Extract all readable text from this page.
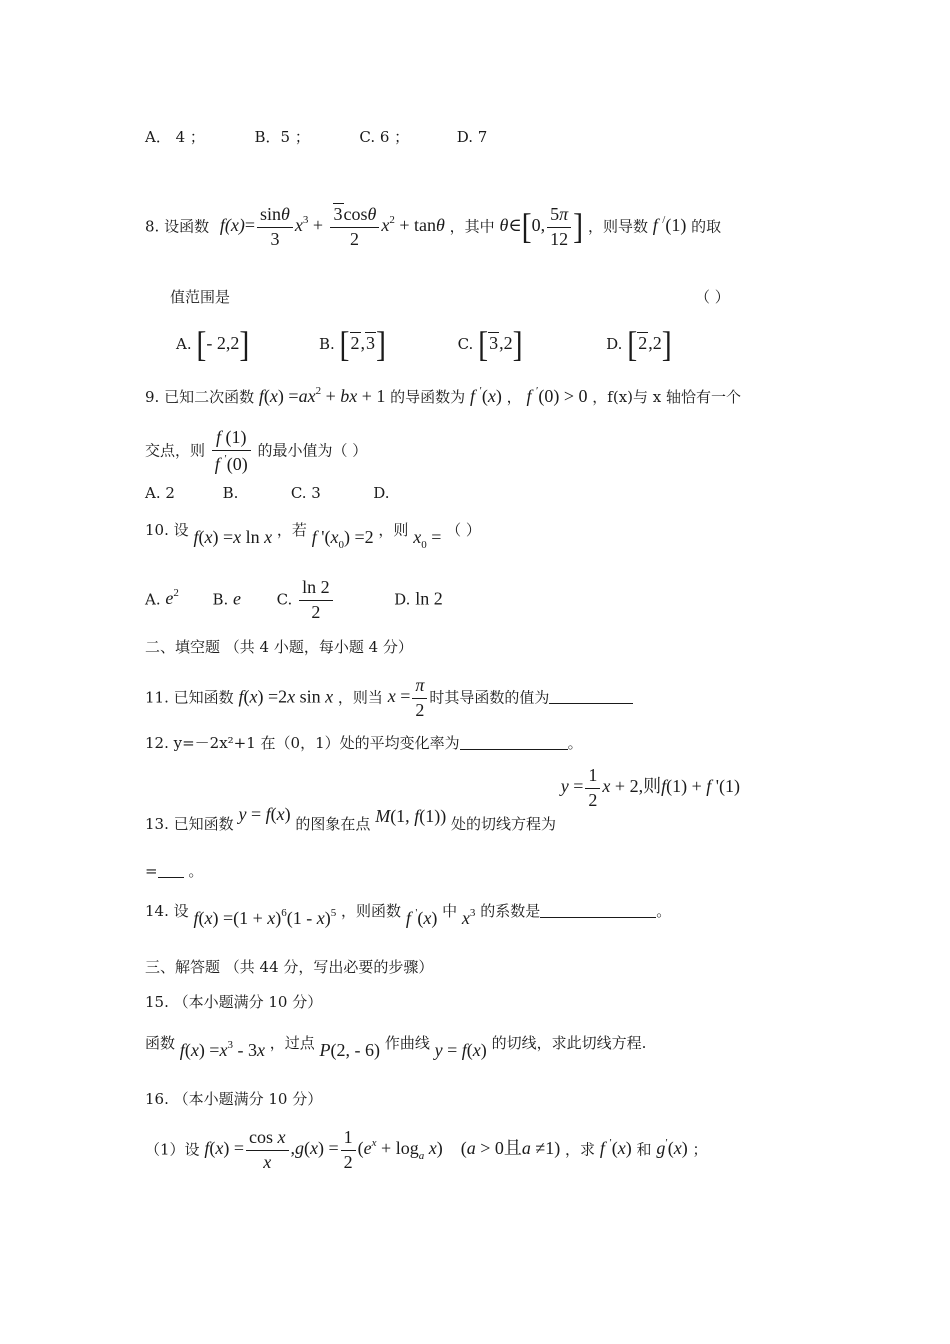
A． 4 ；	B．5 ；	C. 6 ；	D. 7
8. 设函数 $f(x)= \frac{\sin\theta}{3} x^3 + \frac{3\cos\theta}{2} x^2 + \tan\theta$ ，其中 θ∈[0, $\frac{5\pi}{12}$ ] ，则导数 f /(1) 的取
值范围是	（ ）
A. [- 2,2]	B. [2,3]	C. [3,2]	D. [2,2]
9. 已知二次函数 $f(x) =ax^2$ + bx + 1 的导函数为 f ′(x) ， f ′(0) > 0 ，f(x)与 x 轴恰有一个
交点，则 $\frac{f (1)}{f '(0)}$ 的最小值为（ ）
A. 2          B.           C. 3           D.
10. 设 f(x) =x ln x ，若 f '$(x_0) =2$ ，则 $x_0$ = （ ）
A. $e^2$ B. e C. $\frac{\ln 2}{2}$	D. ln 2
二、填空题 （共 4 小题，每小题 4 分）
11. 已知函数 f(x) =2x sin x ，则当 $x = \frac{\pi}{2}$ 时其导函数的值为
12. y=－2x²+1 在（0，1）处的平均变化率为	。
13. 已知函数 y = f(x) 的图象在点 M(1, f(1)) 处的切线方程为 $y = \frac{1}{2}$ x + 2,则f(1) + f '(1)
= 。
14. 设 $f(x) =(1 + x)^6(1 - x)^5$ ，则函数 f '(x) 中 $x^3$ 的系数是	。
三、解答题 （共 44 分，写出必要的步骤）
15. （本小题满分 10 分）
函数 $f(x) =x^3 - 3x$ ，过点 P(2, - 6) 作曲线 y = f(x) 的切线，求此切线方程.
16. （本小题满分 10 分）
（1）设 $f(x) = \frac{\text{cos x}}{x} ,g(x) = \frac{1}{2} (e^x + \log_a x) (a > 0$且a ≠1) ，求 f ′(x) 和 g′(x) ；
